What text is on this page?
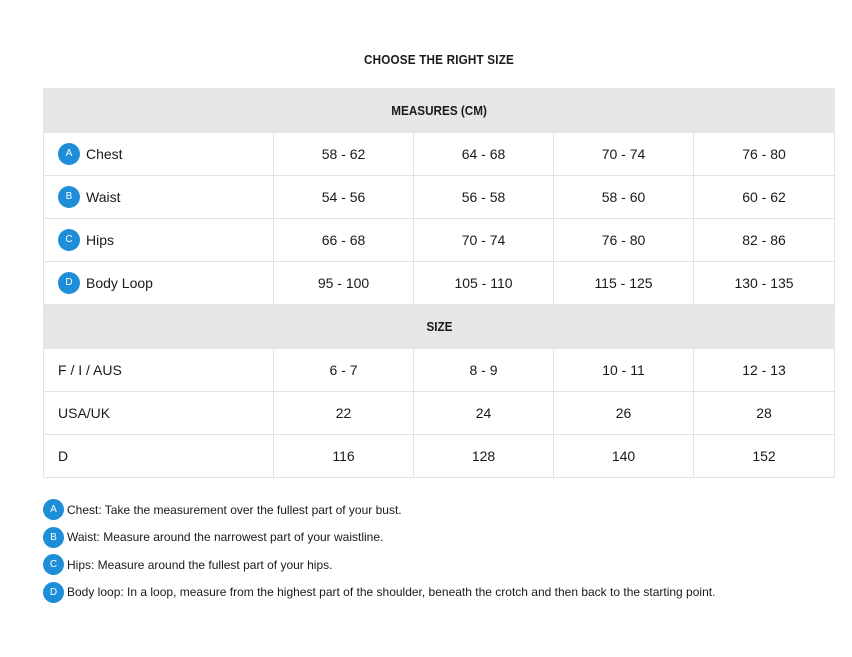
CHOOSE THE RIGHT SIZE
MEASURES (CM)				
A Chest	58 - 62	64 - 68	70 - 74	76 - 80
B Waist	54 - 56	56 - 58	58 - 60	60 - 62
C Hips	66 - 68	70 - 74	76 - 80	82 - 86
D Body Loop	95 - 100	105 - 110	115 - 125	130 - 135
SIZE				
F / I / AUS	6 - 7	8 - 9	10 - 11	12 - 13
USA/UK	22	24	26	28
D	116	128	140	152
A Chest: Take the measurement over the fullest part of your bust.
B Waist: Measure around the narrowest part of your waistline.
C Hips: Measure around the fullest part of your hips.
D Body loop: In a loop, measure from the highest part of the shoulder, beneath the crotch and then back to the starting point.
